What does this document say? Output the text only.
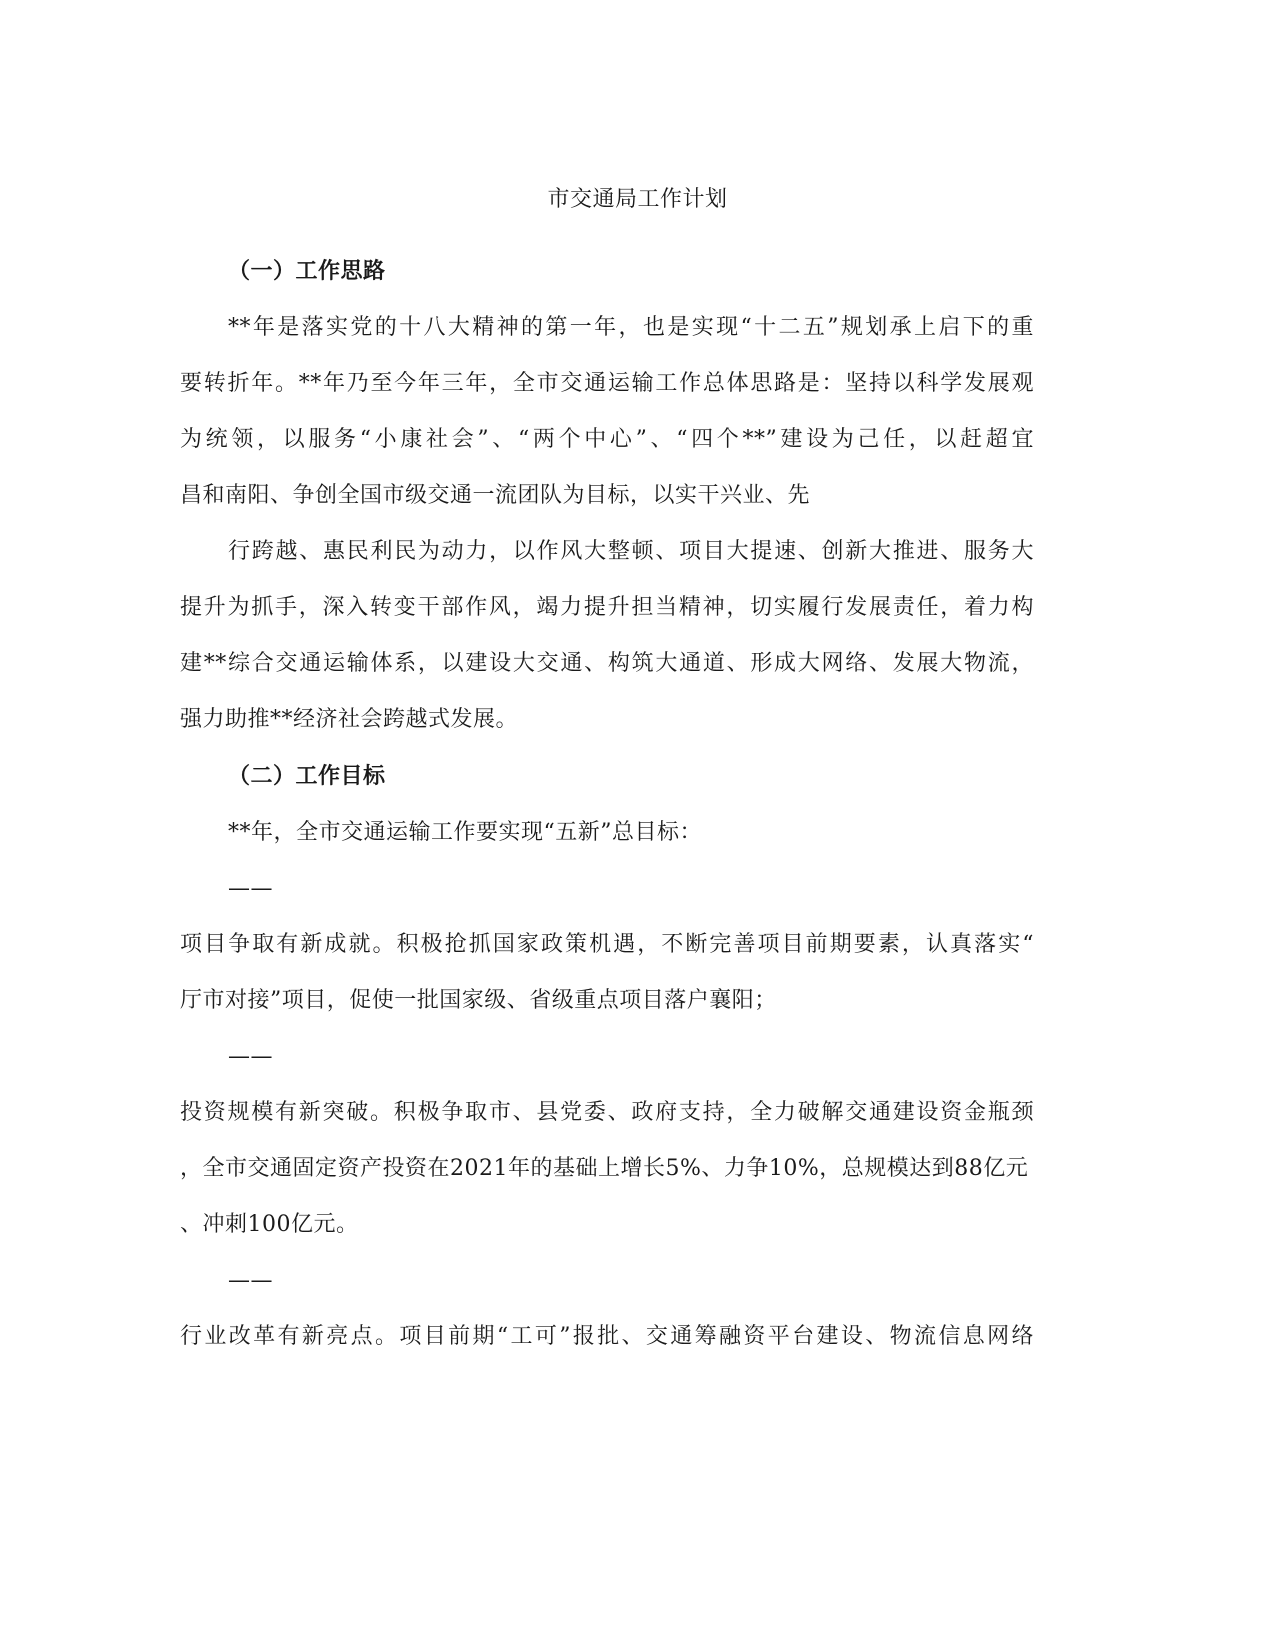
市交通局工作计划
（一）工作思路
**年是落实党的十八大精神的第一年，也是实现“十二五”规划承上启下的重
要转折年。**年乃至今年三年，全市交通运输工作总体思路是：坚持以科学发展观
为统领，以服务“小康社会”、“两个中心”、“四个**”建设为己任，以赶超宜
昌和南阳、争创全国市级交通一流团队为目标，以实干兴业、先
行跨越、惠民利民为动力，以作风大整顿、项目大提速、创新大推进、服务大
提升为抓手，深入转变干部作风，竭力提升担当精神，切实履行发展责任，着力构
建**综合交通运输体系，以建设大交通、构筑大通道、形成大网络、发展大物流，
强力助推**经济社会跨越式发展。
（二）工作目标
**年，全市交通运输工作要实现“五新”总目标：
——
项目争取有新成就。积极抢抓国家政策机遇，不断完善项目前期要素，认真落实“
厅市对接”项目，促使一批国家级、省级重点项目落户襄阳；
——
投资规模有新突破。积极争取市、县党委、政府支持，全力破解交通建设资金瓶颈
，全市交通固定资产投资在2021年的基础上增长5%、力争10%，总规模达到88亿元
、冲刺100亿元。
——
行业改革有新亮点。项目前期“工可”报批、交通筹融资平台建设、物流信息网络
